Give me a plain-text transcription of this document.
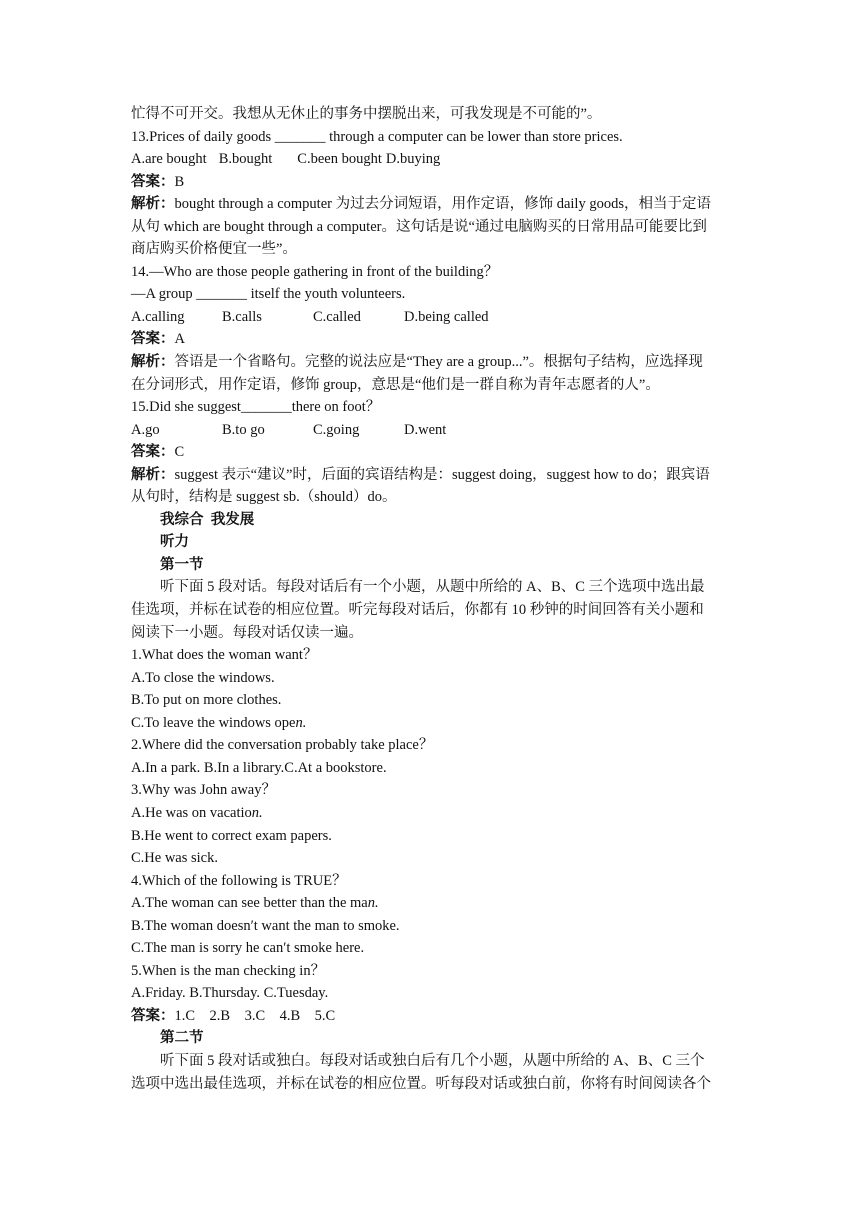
忙得不可开交。我想从无休止的事务中摆脱出来，可我发现是不可能的”。
13.Prices of daily goods _______ through a computer can be lower than store prices.
A.are bought B.bought C.been bought D.buying
答案：B
解析：bought through a computer 为过去分词短语，用作定语，修饰 daily goods，相当于定语
从句 which are bought through a computer。这句话是说“通过电脑购买的日常用品可能要比到
商店购买价格便宜一些”。
14.—Who are those people gathering in front of the building？
—A group _______ itself the youth volunteers.
A.calling	B.calls	C.called	D.being called
答案：A
解析：答语是一个省略句。完整的说法应是“They are a group...”。根据句子结构，应选择现
在分词形式，用作定语，修饰 group，意思是“他们是一群自称为青年志愿者的人”。
15.Did she suggest_______there on foot？
A.go	B.to go	C.going	D.went
答案：C
解析：suggest 表示“建议”时，后面的宾语结构是：suggest doing，suggest how to do；跟宾语
从句时，结构是 suggest sb.（should）do。
我综合  我发展
听力
第一节
听下面 5 段对话。每段对话后有一个小题，从题中所给的 A、B、C 三个选项中选出最
佳选项，并标在试卷的相应位置。听完每段对话后，你都有 10 秒钟的时间回答有关小题和
阅读下一小题。每段对话仅读一遍。
1.What does the woman want？
A.To close the windows.
B.To put on more clothes.
C.To leave the windows open.
2.Where did the conversation probably take place？
A.In a park. B.In a library.C.At a bookstore.
3.Why was John away？
A.He was on vacation.
B.He went to correct exam papers.
C.He was sick.
4.Which of the following is TRUE？
A.The woman can see better than the man.
B.The woman doesn′t want the man to smoke.
C.The man is sorry he can′t smoke here.
5.When is the man checking in？
A.Friday. B.Thursday. C.Tuesday.
答案：1.C    2.B    3.C    4.B    5.C
第二节
听下面 5 段对话或独白。每段对话或独白后有几个小题，从题中所给的 A、B、C 三个
选项中选出最佳选项，并标在试卷的相应位置。听每段对话或独白前，你将有时间阅读各个
